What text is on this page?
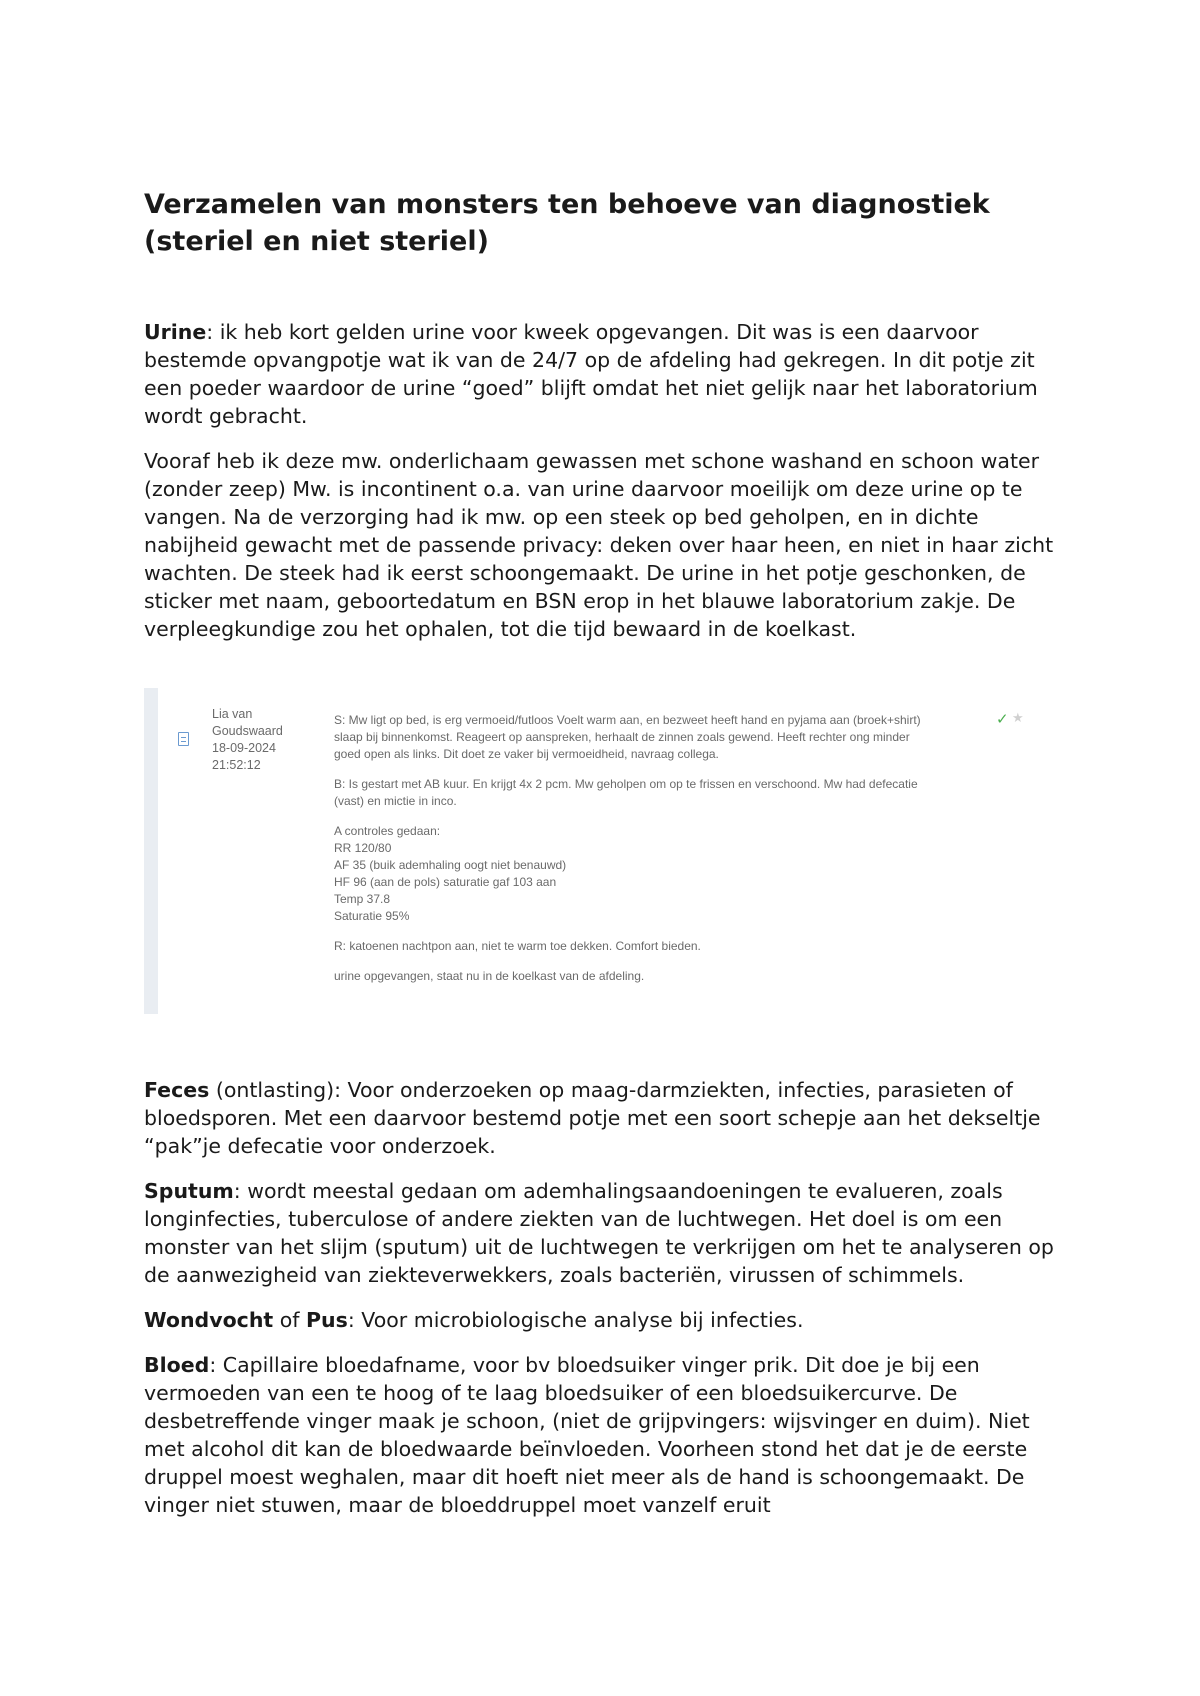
Verzamelen van monsters ten behoeve van diagnostiek (steriel en niet steriel)

Urine: ik heb kort gelden urine voor kweek opgevangen. Dit was is een daarvoor bestemde opvangpotje wat ik van de 24/7 op de afdeling had gekregen. In dit potje zit een poeder waardoor de urine “goed” blijft omdat het niet gelijk naar het laboratorium wordt gebracht.

Vooraf heb ik deze mw. onderlichaam gewassen met schone washand en schoon water (zonder zeep) Mw. is incontinent o.a. van urine daarvoor moeilijk om deze urine op te vangen. Na de verzorging had ik mw. op een steek op bed geholpen, en in dichte nabijheid gewacht met de passende privacy: deken over haar heen, en niet in haar zicht wachten. De steek had ik eerst schoongemaakt. De urine in het potje geschonken, de sticker met naam, geboortedatum en BSN erop in het blauwe laboratorium zakje. De verpleegkundige zou het ophalen, tot die tijd bewaard in de koelkast.

Lia van
Goudswaard
18-09-2024
21:52:12
S: Mw ligt op bed, is erg vermoeid/futloos Voelt warm aan, en bezweet heeft hand en pyjama aan (broek+shirt)
slaap bij binnenkomst. Reageert op aanspreken, herhaalt de zinnen zoals gewend. Heeft rechter ong minder
goed open als links. Dit doet ze vaker bij vermoeidheid, navraag collega.
B: Is gestart met AB kuur. En krijgt 4x 2 pcm. Mw geholpen om op te frissen en verschoond. Mw had defecatie
(vast) en mictie in inco.
A controles gedaan:
RR 120/80
AF 35 (buik ademhaling oogt niet benauwd)
HF 96 (aan de pols) saturatie gaf 103 aan
Temp 37.8
Saturatie 95%
R: katoenen nachtpon aan, niet te warm toe dekken. Comfort bieden.
urine opgevangen, staat nu in de koelkast van de afdeling.
✓ ★

Feces (ontlasting): Voor onderzoeken op maag-darmziekten, infecties, parasieten of bloedsporen. Met een daarvoor bestemd potje met een soort schepje aan het dekseltje “pak”je defecatie voor onderzoek.

Sputum: wordt meestal gedaan om ademhalingsaandoeningen te evalueren, zoals longinfecties, tuberculose of andere ziekten van de luchtwegen. Het doel is om een monster van het slijm (sputum) uit de luchtwegen te verkrijgen om het te analyseren op de aanwezigheid van ziekteverwekkers, zoals bacteriën, virussen of schimmels.

Wondvocht of Pus: Voor microbiologische analyse bij infecties.

Bloed: Capillaire bloedafname, voor bv bloedsuiker vinger prik. Dit doe je bij een vermoeden van een te hoog of te laag bloedsuiker of een bloedsuikercurve. De desbetreffende vinger maak je schoon, (niet de grijpvingers: wijsvinger en duim). Niet met alcohol dit kan de bloedwaarde beïnvloeden. Voorheen stond het dat je de eerste druppel moest weghalen, maar dit hoeft niet meer als de hand is schoongemaakt. De vinger niet stuwen, maar de bloeddruppel moet vanzelf eruit
